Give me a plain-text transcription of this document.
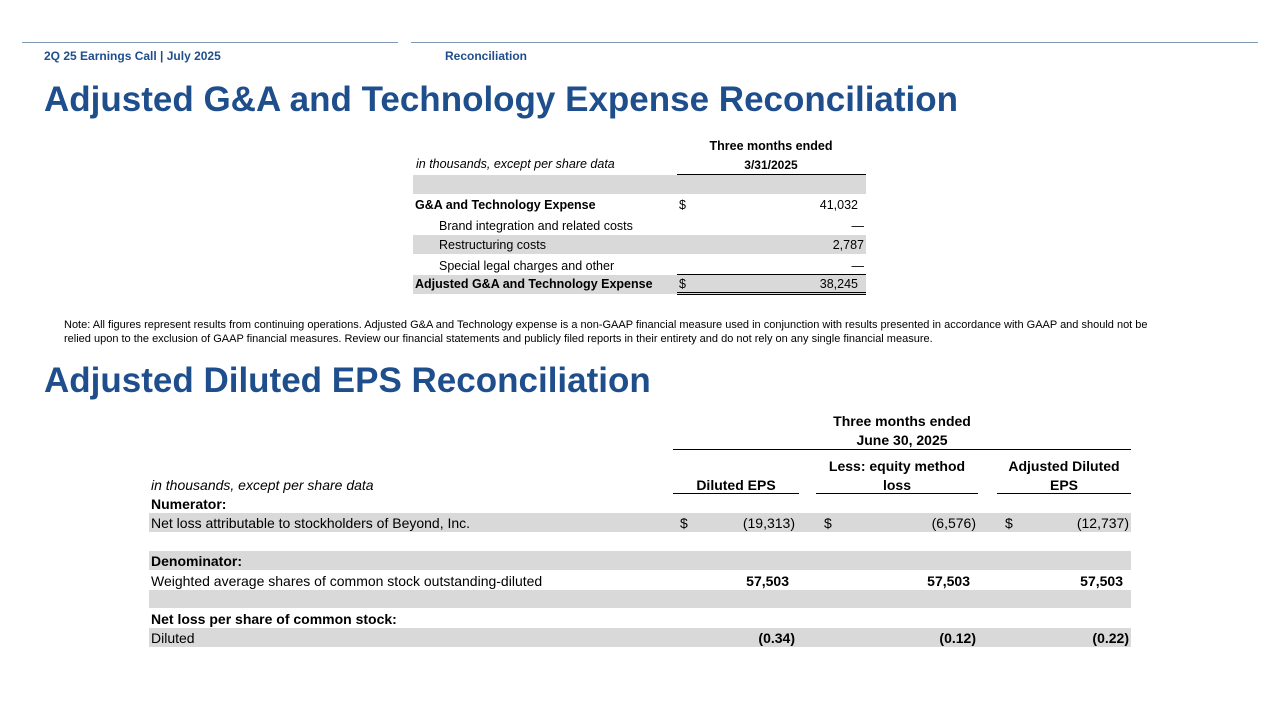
2Q 25 Earnings Call | July 2025	Reconciliation
Adjusted G&A and Technology Expense Reconciliation
in thousands, except per share data
Three months ended
3/31/2025
G&A and Technology Expense	$	41,032
Brand integration and related costs	—
Restructuring costs	2,787
Special legal charges and other	—
Adjusted G&A and Technology Expense $	38,245
Note: All figures represent results from continuing operations. Adjusted G&A and Technology expense is a non-GAAP financial measure used in conjunction with results presented in accordance with GAAP and should not be relied upon to the exclusion of GAAP financial measures. Review our financial statements and publicly filed reports in their entirety and do not rely on any single financial measure.
Adjusted Diluted EPS Reconciliation
Three months ended
June 30, 2025
Diluted EPS
Less: equity method loss
Adjusted Diluted EPS
in thousands, except per share data
Numerator:
Net loss attributable to stockholders of Beyond, Inc.	$	(19,313) $	(6,576) $	(12,737)
Denominator:
Weighted average shares of common stock outstanding-diluted	57,503	57,503	57,503
Net loss per share of common stock:
Diluted	(0.34)	(0.12)	(0.22)
